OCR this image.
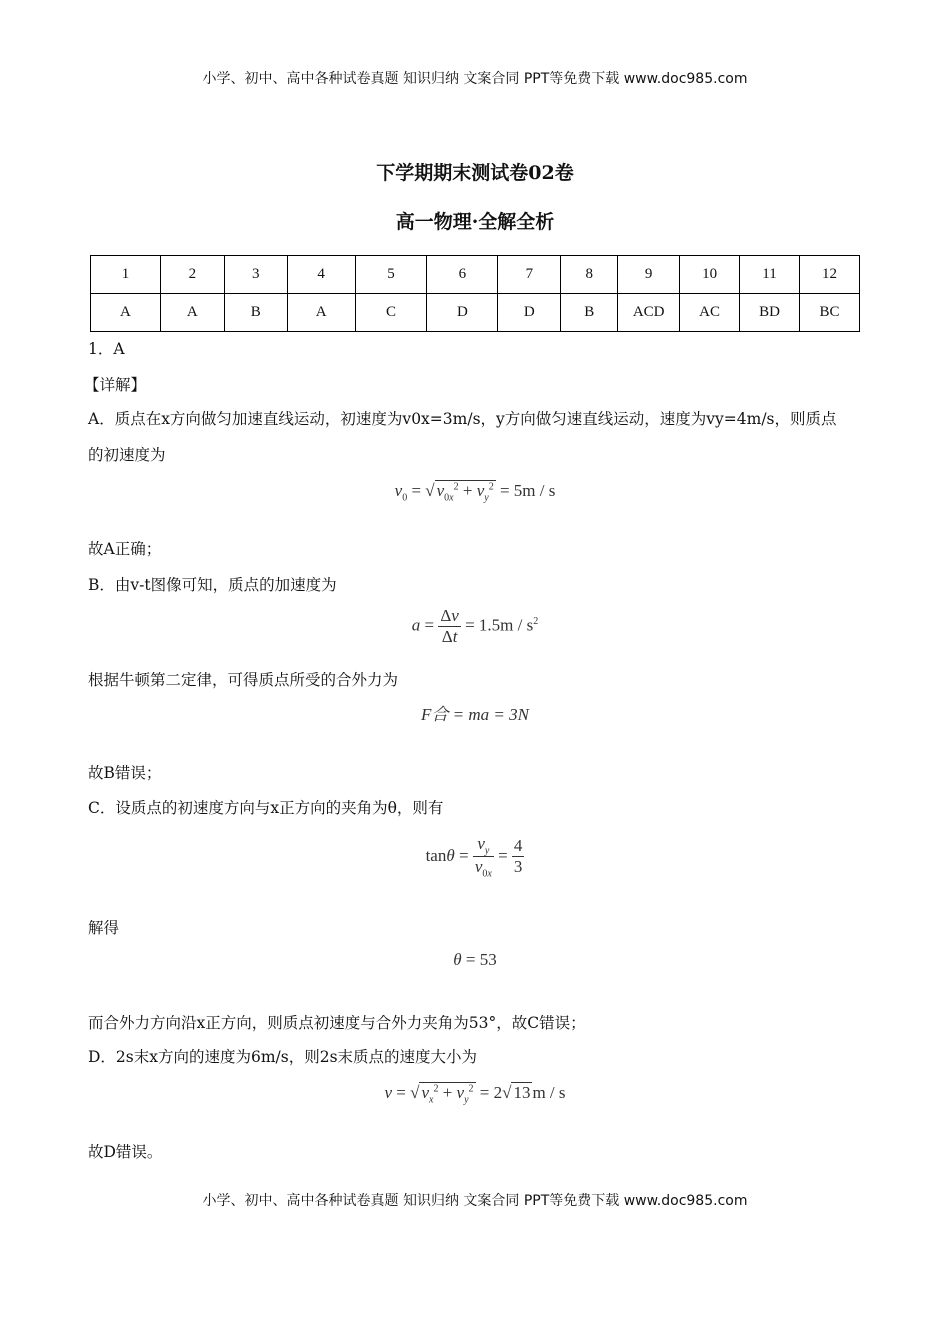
小学、初中、高中各种试卷真题 知识归纳 文案合同 PPT等免费下载 www.doc985.com
下学期期末测试卷02卷
高一物理·全解全析
1	2	3	4	5	6	7	8	9	10	11	12
A	A	B	A	C	D	D	B	ACD	AC	BD	BC
1．A
【详解】
A．质点在x方向做匀加速直线运动，初速度为v0x=3m/s，y方向做匀速直线运动，速度为vy=4m/s，则质点
的初速度为
$v_0$ = √ $v_{0x}^2 + v_y^2 = 5m / s$
故A正确；
B．由v-t图像可知，质点的加速度为
$a = \frac{\Delta v}{\Delta t} = 1.5m / s^2$
根据牛顿第二定律，可得质点所受的合外力为
F合 = ma = 3N
故B错误；
C．设质点的初速度方向与x正方向的夹角为θ，则有
$\tan\theta = \frac{v_y}{v_{0x}} = \frac{4}{3}$
解得
θ = 53
而合外力方向沿x正方向，则质点初速度与合外力夹角为53°，故C错误；
D．2s末x方向的速度为6m/s，则2s末质点的速度大小为
v = √ $v_x^2 + v_y^2 = 2√$ 13 m / s
故D错误。
小学、初中、高中各种试卷真题 知识归纳 文案合同 PPT等免费下载 www.doc985.com
